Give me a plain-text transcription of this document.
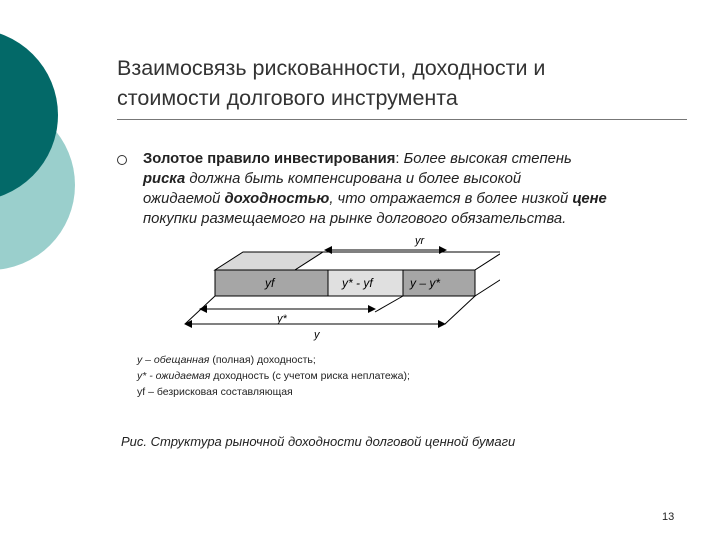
Взаимосвязь рискованности, доходности и
стоимости долгового инструмента
Золотое правило инвестирования: Более высокая степень
риска должна быть компенсирована и более высокой
ожидаемой доходностью, что отражается в более низкой цене
покупки размещаемого на рынке долгового обязательства.
yr
yf	y* - yf	y – y*
y*
y
y – обещанная (полная) доходность;
y* - ожидаемая доходность (с учетом риска неплатежа);
yf – безрисковая составляющая
Рис. Структура рыночной доходности долговой ценной бумаги
13
